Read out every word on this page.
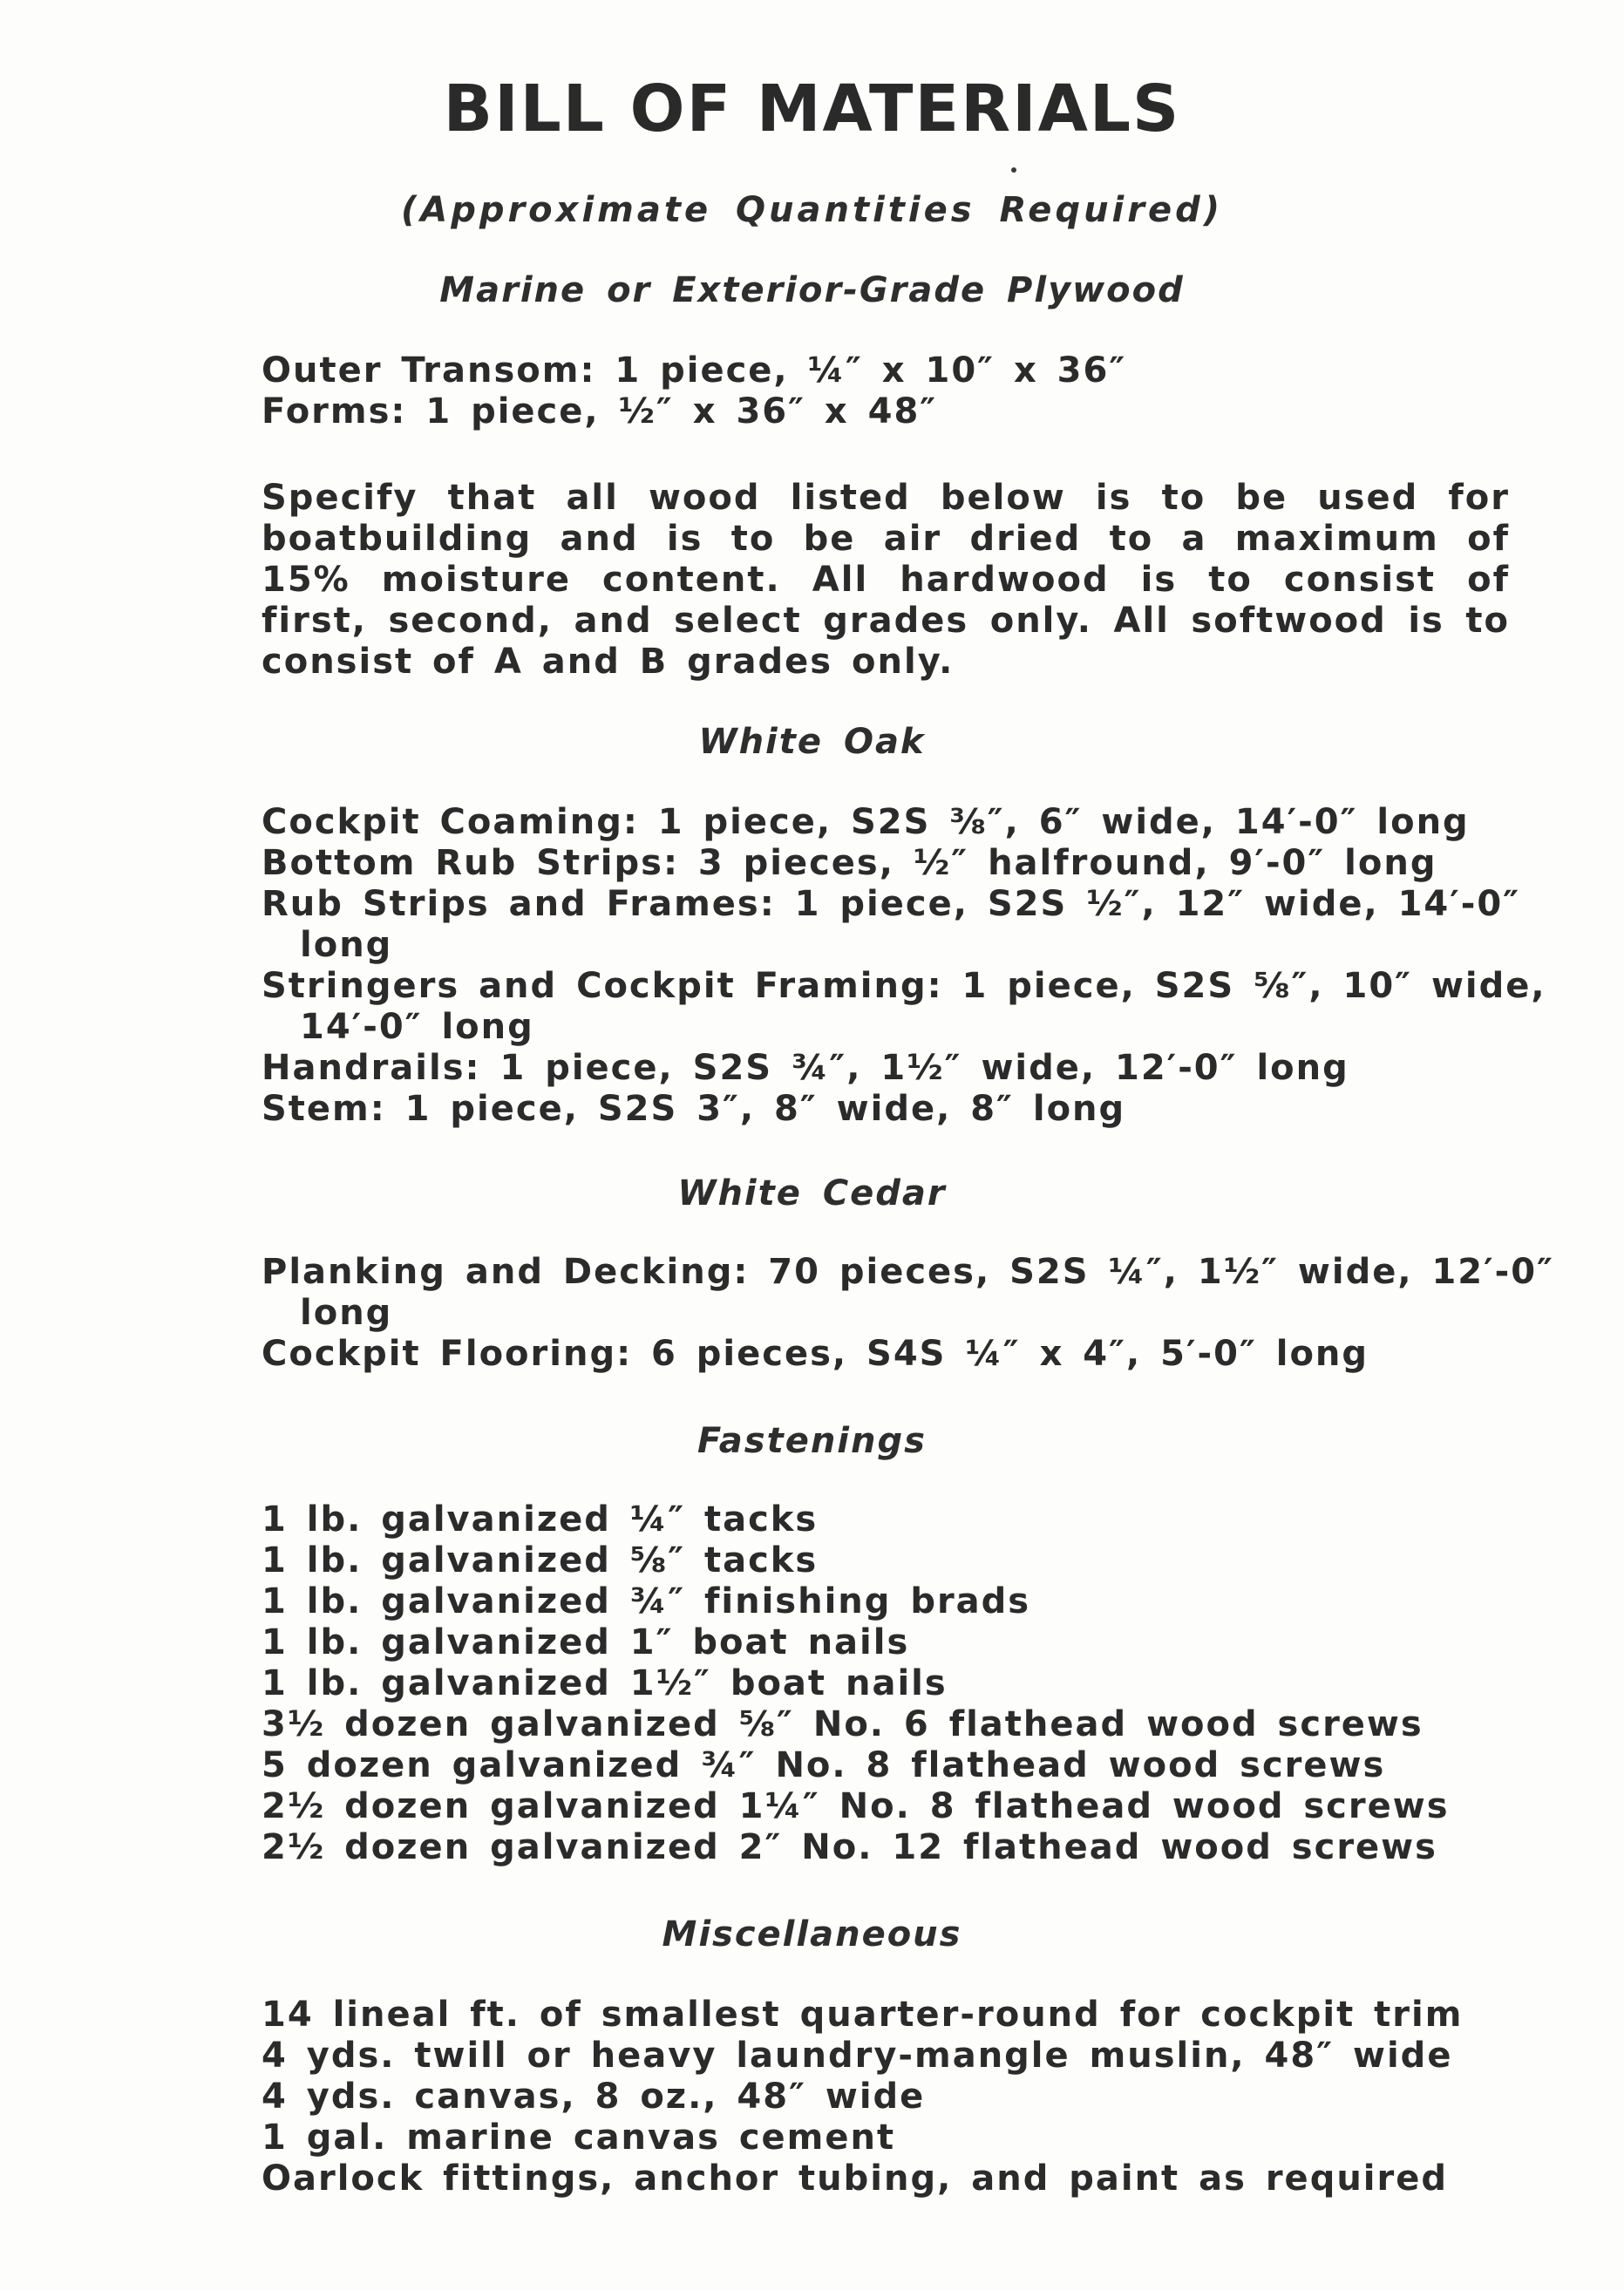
BILL OF MATERIALS
(Approximate Quantities Required)
Marine or Exterior-Grade Plywood
Outer Transom: 1 piece, ¼″ x 10″ x 36″
Forms: 1 piece, ½″ x 36″ x 48″
Specify that all wood listed below is to be used for boatbuilding and is to be air dried to a maximum of 15% moisture content. All hardwood is to consist of first, second, and select grades only. All softwood is to consist of A and B grades only.
White Oak
Cockpit Coaming: 1 piece, S2S ⅜″, 6″ wide, 14′-0″ long
Bottom Rub Strips: 3 pieces, ½″ halfround, 9′-0″ long
Rub Strips and Frames: 1 piece, S2S ½″, 12″ wide, 14′-0″
long
Stringers and Cockpit Framing: 1 piece, S2S ⅝″, 10″ wide,
14′-0″ long
Handrails: 1 piece, S2S ¾″, 1½″ wide, 12′-0″ long
Stem: 1 piece, S2S 3″, 8″ wide, 8″ long
White Cedar
Planking and Decking: 70 pieces, S2S ¼″, 1½″ wide, 12′-0″
long
Cockpit Flooring: 6 pieces, S4S ¼″ x 4″, 5′-0″ long
Fastenings
1 lb. galvanized ¼″ tacks
1 lb. galvanized ⅝″ tacks
1 lb. galvanized ¾″ finishing brads
1 lb. galvanized 1″ boat nails
1 lb. galvanized 1½″ boat nails
3½ dozen galvanized ⅝″ No. 6 flathead wood screws
5 dozen galvanized ¾″ No. 8 flathead wood screws
2½ dozen galvanized 1¼″ No. 8 flathead wood screws
2½ dozen galvanized 2″ No. 12 flathead wood screws
Miscellaneous
14 lineal ft. of smallest quarter-round for cockpit trim
4 yds. twill or heavy laundry-mangle muslin, 48″ wide
4 yds. canvas, 8 oz., 48″ wide
1 gal. marine canvas cement
Oarlock fittings, anchor tubing, and paint as required
